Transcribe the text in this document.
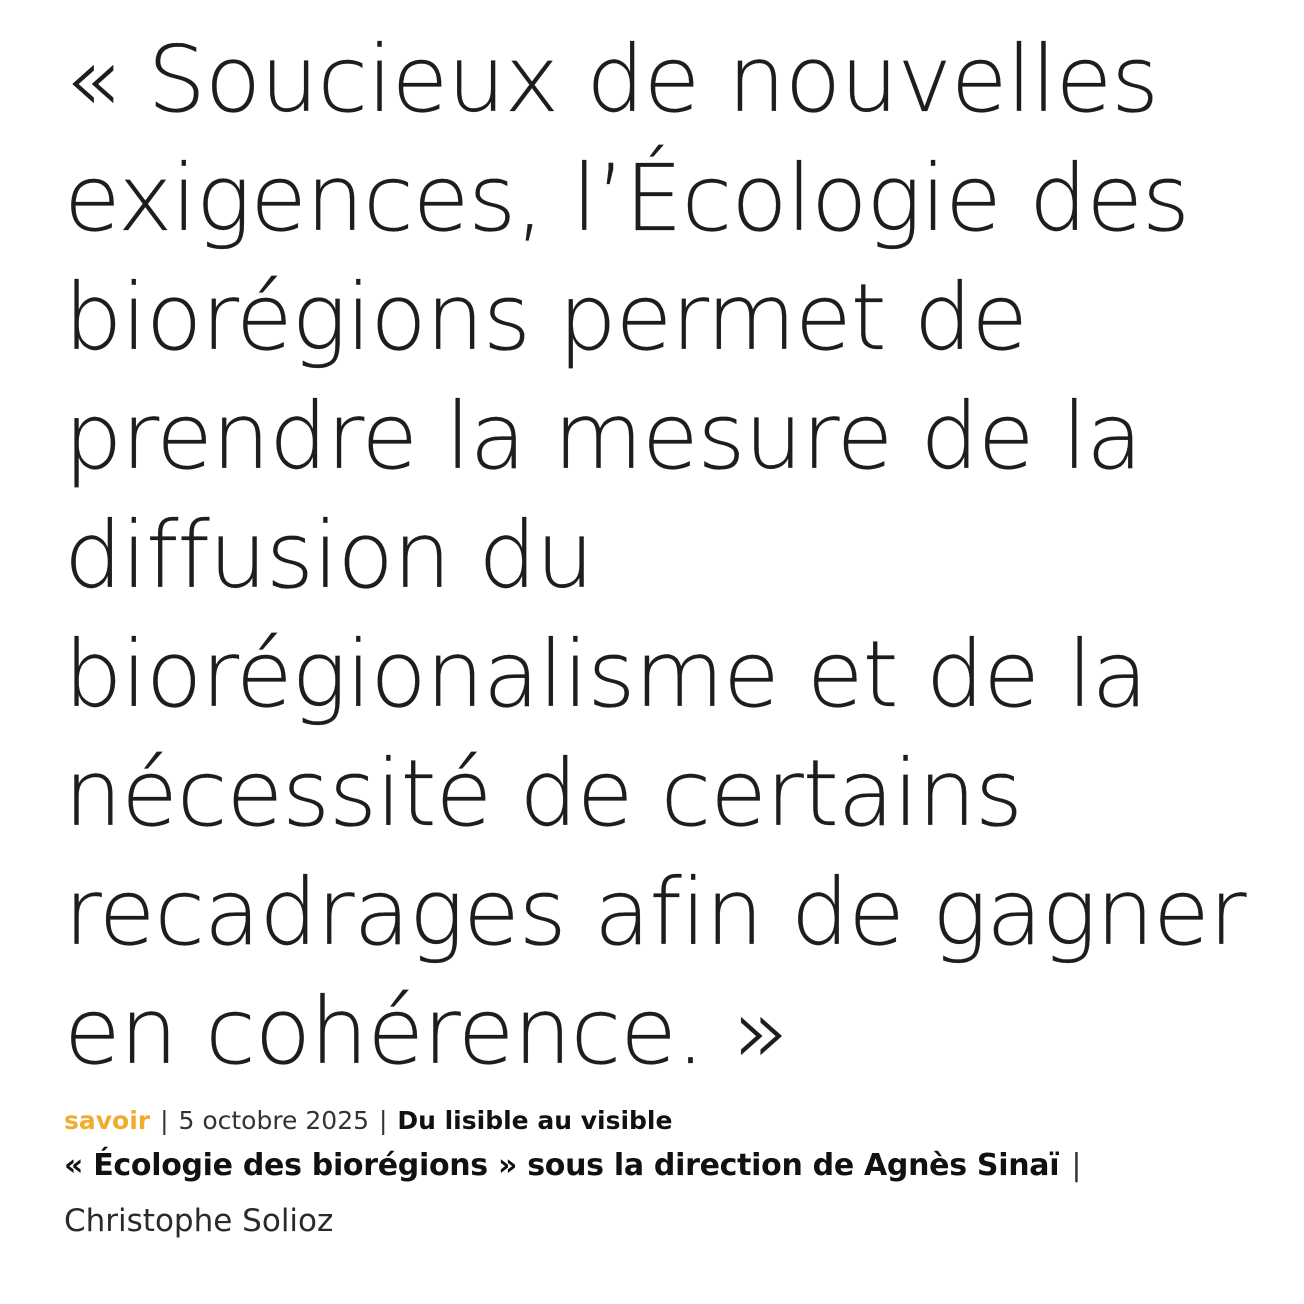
« Soucieux de nouvelles
exigences, l’Écologie des
biorégions permet de
prendre la mesure de la
diffusion du
biorégionalisme et de la
nécessité de certains
recadrages afin de gagner
en cohérence. »
savoir | 5 octobre 2025 | Du lisible au visible
« Écologie des biorégions » sous la direction de Agnès Sinaï |
Christophe Solioz
